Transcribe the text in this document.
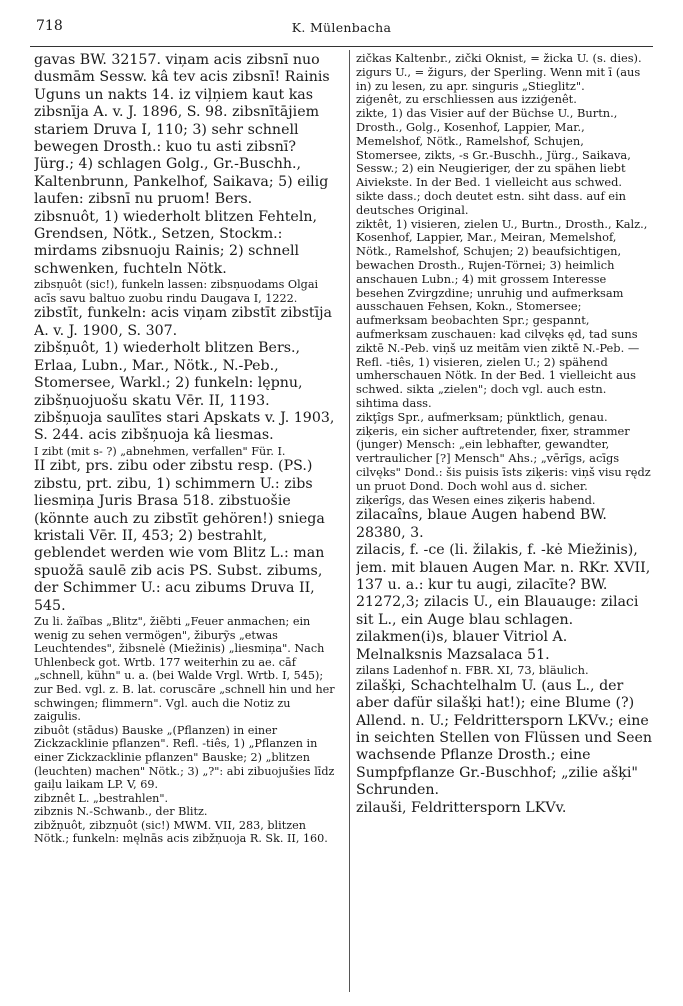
718	K. Mülenbacha

gavas BW. 32157. viņam acis zibsnī nuo dusmām Sessw. kâ tev acis zibsnī! Rainis Uguns un nakts 14. iz viļņiem kaut kas zibsnīja A. v. J. 1896, S. 98. zibsnītājiem stariem Druva I, 110; 3) sehr schnell bewegen Drosth.: kuo tu asti zibsnī? Jürg.; 4) schlagen Golg., Gr.-Buschh., Kaltenbrunn, Pankelhof, Saikava; 5) eilig laufen: zibsnī nu pruom! Bers.

zibsnuôt, 1) wiederholt blitzen Fehteln, Grendsen, Nötk., Setzen, Stockm.: mirdams zibsnuoju Rainis; 2) schnell schwenken, fuchteln Nötk.

zibsņuôt (sic!), funkeln lassen: zibsņuodams Olgai acīs savu baltuo zuobu rindu Daugava I, 1222.

zibstīt, funkeln: acis viņam zibstīt zibstīja A. v. J. 1900, S. 307.

zibšņuôt, 1) wiederholt blitzen Bers., Erlaa, Lubn., Mar., Nötk., N.-Peb., Stomersee, Warkl.; 2) funkeln: lępnu, zibšņuojuošu skatu Vēr. II, 1193. zibšņuoja saulītes stari Apskats v. J. 1903, S. 244. acis zibšņuoja kâ liesmas.

I zibt (mit s- ?) „abnehmen, verfallen" Für. I.

II zibt, prs. zibu oder zibstu resp. (PS.) zibstu, prt. zibu, 1) schimmern U.: zibs liesmiņa Juris Brasa 518. zibstuošie (könnte auch zu zibstīt gehören!) sniega kristali Vēr. II, 453; 2) bestrahlt, geblendet werden wie vom Blitz L.: man spuožā saulē zib acis PS. Subst. zibums, der Schimmer U.: acu zibums Druva II, 545.

Zu li. žaĩbas „Blitz", žiẽbti „Feuer anmachen; ein wenig zu sehen vermögen", žiburỹs „etwas Leuchtendes", žibsnelė (Miežinis) „liesmiņa". Nach Uhlenbeck got. Wrtb. 177 weiterhin zu ae. cāf „schnell, kühn" u. a. (bei Walde Vrgl. Wrtb. I, 545); zur Bed. vgl. z. B. lat. coruscāre „schnell hin und her schwingen; flimmern". Vgl. auch die Notiz zu zaigulis.

zibuôt (stādus) Bauske „(Pflanzen) in einer Zickzacklinie pflanzen". Refl. -tiês, 1) „Pflanzen in einer Zickzacklinie pflanzen" Bauske; 2) „blitzen (leuchten) machen" Nötk.; 3) „?": abi zibuojušies līdz gaiļu laikam LP. V, 69.

zibznêt L. „bestrahlen".

zibznis N.-Schwanb., der Blitz.

zibžņuôt, zibzņuôt (sic!) MWM. VII, 283, blitzen Nötk.; funkeln: męlnās acis zibžņuoja R. Sk. II, 160.

zičkas Kaltenbr., zički Oknist, = žicka U. (s. dies).

zigurs U., = žigurs, der Sperling. Wenn mit ī (aus in) zu lesen, zu apr. singuris „Stieglitz".

ziģenêt, zu erschliessen aus izziģenêt.

zikte, 1) das Visier auf der Büchse U., Burtn., Drosth., Golg., Kosenhof, Lappier, Mar., Memelshof, Nötk., Ramelshof, Schujen, Stomersee, zikts, -s Gr.-Buschh., Jürg., Saikava, Sessw.; 2) ein Neugieriger, der zu spähen liebt Aiviekste. In der Bed. 1 vielleicht aus schwed. sikte dass.; doch deutet estn. siht dass. auf ein deutsches Original.

ziktêt, 1) visieren, zielen U., Burtn., Drosth., Kalz., Kosenhof, Lappier, Mar., Meiran, Memelshof, Nötk., Ramelshof, Schujen; 2) beaufsichtigen, bewachen Drosth., Rujen-Törnei; 3) heimlich anschauen Lubn.; 4) mit grossem Interesse besehen Zvirgzdine; unruhig und aufmerksam ausschauen Fehsen, Kokn., Stomersee; aufmerksam beobachten Spr.; gespannt, aufmerksam zuschauen: kad cilvęks ęd, tad suns ziktē N.-Peb. viņš uz meitām vien ziktē N.-Peb. — Refl. -tiês, 1) visieren, zielen U.; 2) spähend umherschauen Nötk. In der Bed. 1 vielleicht aus schwed. sikta „zielen"; doch vgl. auch estn. sihtima dass.

zikţîgs Spr., aufmerksam; pünktlich, genau.

ziķeris, ein sicher auftretender, fixer, strammer (junger) Mensch: „ein lebhafter, gewandter, vertraulicher [?] Mensch" Ahs.; „vērīgs, acīgs cilvęks" Dond.: šis puisis īsts ziķeris: viņš visu rędz un pruot Dond. Doch wohl aus d. sicher.

ziķerîgs, das Wesen eines ziķeris habend.

zilacaîns, blaue Augen habend BW. 28380, 3.

zilacis, f. -ce (li. žilakis, f. -kė Miežinis), jem. mit blauen Augen Mar. n. RKr. XVII, 137 u. a.: kur tu augi, zilacīte? BW. 21272,3; zilacis U., ein Blauauge: zilaci sit L., ein Auge blau schlagen.

zilakmen(i)s, blauer Vitriol A. Melnalksnis Mazsalaca 51.

zilans Ladenhof n. FBR. XI, 73, bläulich.

zilašķi, Schachtelhalm U. (aus L., der aber dafür silašķi hat!); eine Blume (?) Allend. n. U.; Feldrittersporn LKVv.; eine in seichten Stellen von Flüssen und Seen wachsende Pflanze Drosth.; eine Sumpfpflanze Gr.-Buschhof; „zilie ašķi" Schrunden.

zilauši, Feldrittersporn LKVv.
